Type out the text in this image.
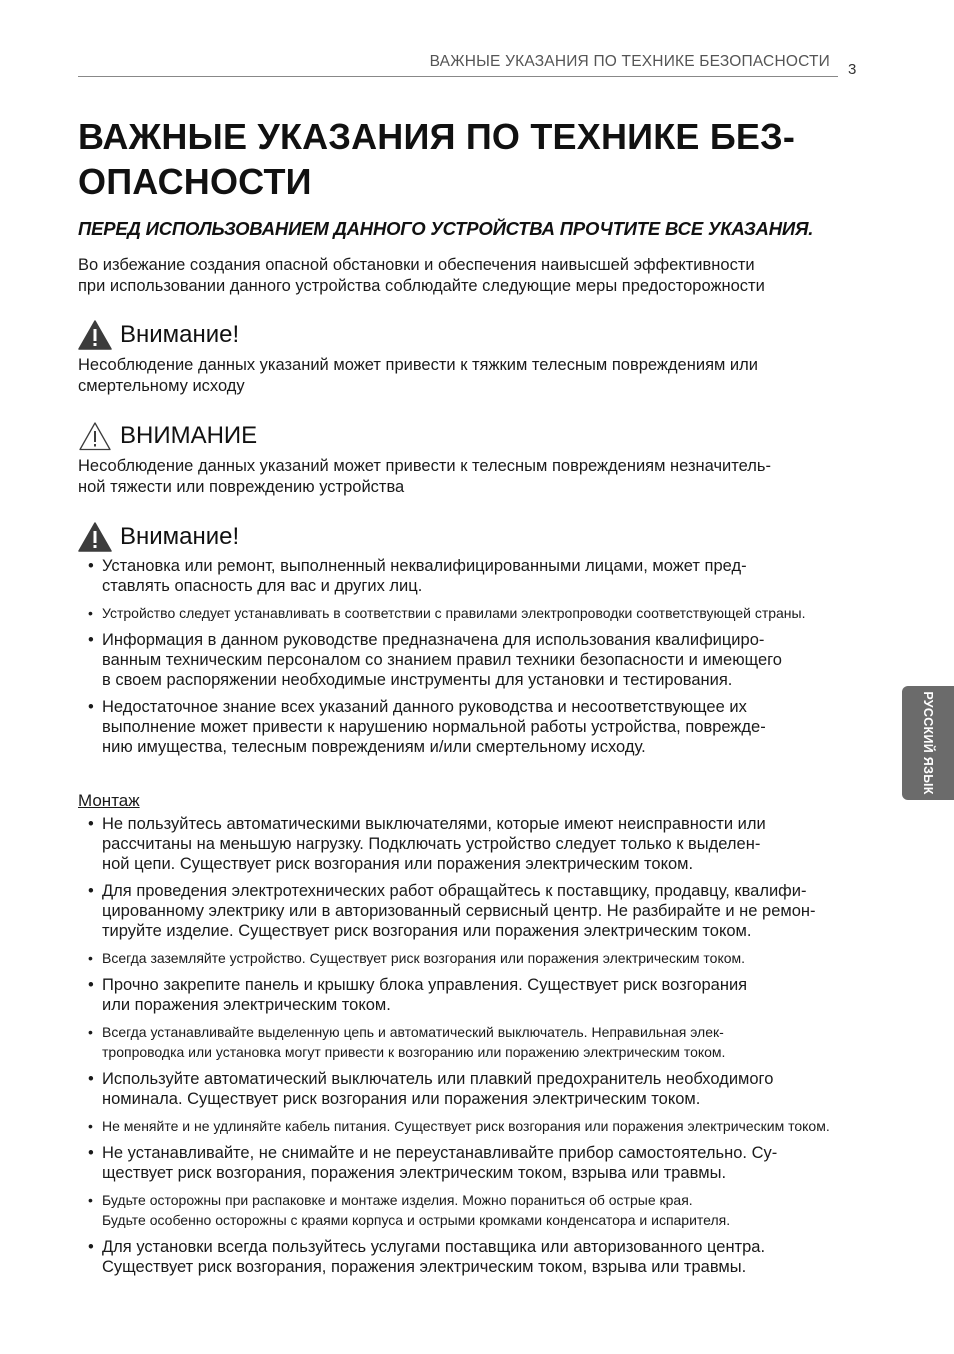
ВАЖНЫЕ УКАЗАНИЯ ПО ТЕХНИКЕ БЕЗОПАСНОСТИ 3
РУССКИЙ ЯЗЫК
ВАЖНЫЕ УКАЗАНИЯ ПО ТЕХНИКЕ БЕЗ-
ОПАСНОСТИ
ПЕРЕД ИСПОЛЬЗОВАНИЕМ ДАННОГО УСТРОЙСТВА ПРОЧТИТЕ ВСЕ УКАЗАНИЯ.
Во избежание создания опасной обстановки и обеспечения наивысшей эффективности
при использовании данного устройства соблюдайте следующие меры предосторожности
Внимание!
Несоблюдение данных указаний может привести к тяжким телесным повреждениям или
смертельному исходу
ВНИМАНИЕ
Несоблюдение данных указаний может привести к телесным повреждениям незначитель-
ной тяжести или повреждению устройства
Внимание!
• Установка или ремонт, выполненный неквалифицированными лицами, может пред-
ставлять опасность для вас и других лиц.
• Устройство следует устанавливать в соответствии с правилами электропроводки соответствующей страны.
• Информация в данном руководстве предназначена для использования квалифициро-
ванным техническим персоналом со знанием правил техники безопасности и имеющего
в своем распоряжении необходимые инструменты для установки и тестирования.
• Недостаточное знание всех указаний данного руководства и несоответствующее их
выполнение может привести к нарушению нормальной работы устройства, поврежде-
нию имущества, телесным повреждениям и/или смертельному исходу.
Монтаж
• Не пользуйтесь автоматическими выключателями, которые имеют неисправности или
рассчитаны на меньшую нагрузку. Подключать устройство следует только к выделен-
ной цепи. Существует риск возгорания или поражения электрическим током.
• Для проведения электротехнических работ обращайтесь к поставщику, продавцу, квалифи-
цированному электрику или в авторизованный сервисный центр. Не разбирайте и не ремон-
тируйте изделие. Существует риск возгорания или поражения электрическим током.
• Всегда заземляйте устройство. Существует риск возгорания или поражения электрическим током.
• Прочно закрепите панель и крышку блока управления. Существует риск возгорания
или поражения электрическим током.
• Всегда устанавливайте выделенную цепь и автоматический выключатель. Неправильная элек-
тропроводка или установка могут привести к возгоранию или поражению электрическим током.
• Используйте автоматический выключатель или плавкий предохранитель необходимого
номинала. Существует риск возгорания или поражения электрическим током.
• Не меняйте и не удлиняйте кабель питания. Существует риск возгорания или поражения электрическим током.
• Не устанавливайте, не снимайте и не переустанавливайте прибор самостоятельно. Су-
ществует риск возгорания, поражения электрическим током, взрыва или травмы.
• Будьте осторожны при распаковке и монтаже изделия. Можно пораниться об острые края.
Будьте особенно осторожны с краями корпуса и острыми кромками конденсатора и испарителя.
• Для установки всегда пользуйтесь услугами поставщика или авторизованного центра.
Существует риск возгорания, поражения электрическим током, взрыва или травмы.
